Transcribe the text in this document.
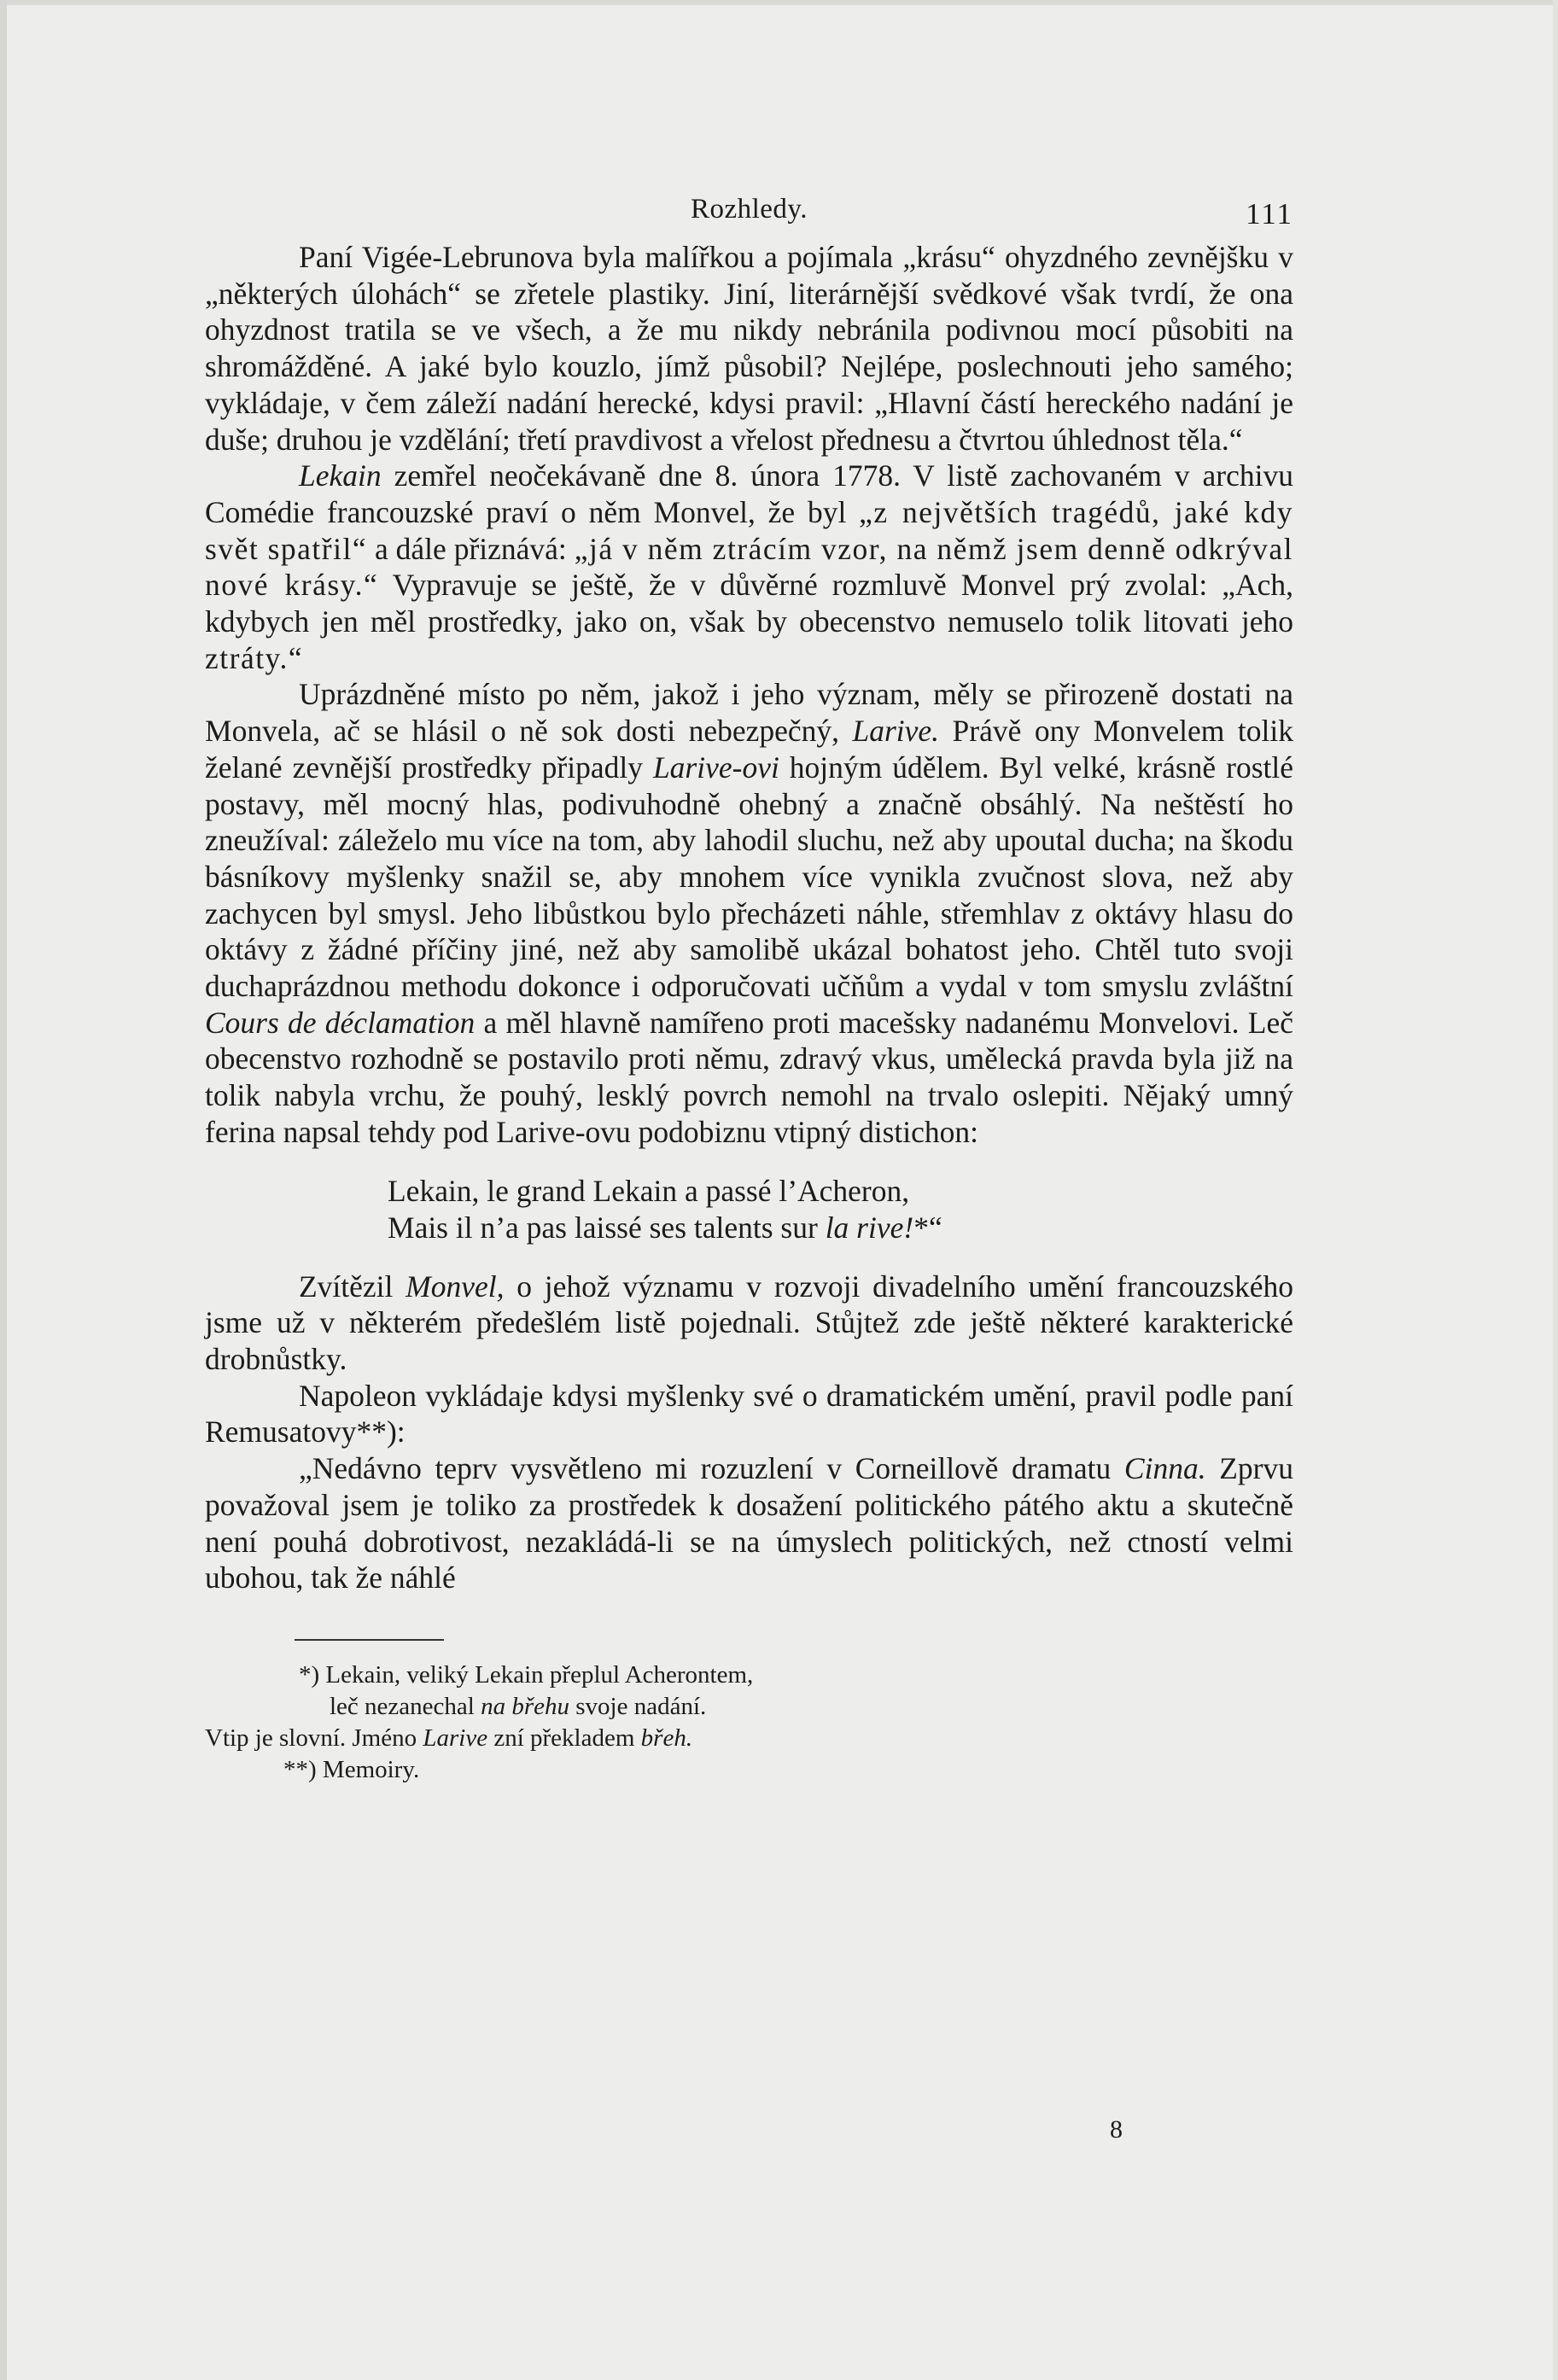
Rozhledy.	111

Paní Vigée-Lebrunova byla malířkou a pojímala „krásu“ ohyzdného zevnějšku v „některých úlohách“ se zřetele plastiky. Jiní, literárnější svědkové však tvrdí, že ona ohyzdnost tratila se ve všech, a že mu nikdy nebránila podivnou mocí působiti na shromážděné. A jaké bylo kouzlo, jímž působil? Nejlépe, poslechnouti jeho samého; vykládaje, v čem záleží nadání herecké, kdysi pravil: „Hlavní částí hereckého nadání je duše; druhou je vzdělání; třetí pravdivost a vřelost přednesu a čtvrtou úhlednost těla.“

Lekain zemřel neočekávaně dne 8. února 1778. V listě zachovaném v archivu Comédie francouzské praví o něm Monvel, že byl „z největších tragédů, jaké kdy svět spatřil“ a dále přiznává: „já v něm ztrácím vzor, na němž jsem denně odkrýval nové krásy.“ Vypravuje se ještě, že v důvěrné rozmluvě Monvel prý zvolal: „Ach, kdybych jen měl prostředky, jako on, však by obecenstvo nemuselo tolik litovati jeho ztráty.“

Uprázdněné místo po něm, jakož i jeho význam, měly se přirozeně dostati na Monvela, ač se hlásil o ně sok dosti nebezpečný, Larive. Právě ony Monvelem tolik želané zevnější prostředky připadly Larive-ovi hojným údělem. Byl velké, krásně rostlé postavy, měl mocný hlas, podivuhodně ohebný a značně obsáhlý. Na neštěstí ho zneužíval: záleželo mu více na tom, aby lahodil sluchu, než aby upoutal ducha; na škodu básníkovy myšlenky snažil se, aby mnohem více vynikla zvučnost slova, než aby zachycen byl smysl. Jeho libůstkou bylo přecházeti náhle, střemhlav z oktávy hlasu do oktávy z žádné příčiny jiné, než aby samolibě ukázal bohatost jeho. Chtěl tuto svoji duchaprázdnou methodu dokonce i odporučovati učňům a vydal v tom smyslu zvláštní Cours de déclamation a měl hlavně namířeno proti macešsky nadanému Monvelovi. Leč obecenstvo rozhodně se postavilo proti němu, zdravý vkus, umělecká pravda byla již na tolik nabyla vrchu, že pouhý, lesklý povrch nemohl na trvalo oslepiti. Nějaký umný ferina napsal tehdy pod Larive-ovu podobiznu vtipný distichon:

Lekain, le grand Lekain a passé l’Acheron,
Mais il n’a pas laissé ses talents sur la rive!*“

Zvítězil Monvel, o jehož významu v rozvoji divadelního umění francouzského jsme už v některém předešlém listě pojednali. Stůjtež zde ještě některé karakterické drobnůstky.

Napoleon vykládaje kdysi myšlenky své o dramatickém umění, pravil podle paní Remusatovy**):

„Nedávno teprv vysvětleno mi rozuzlení v Corneillově dramatu Cinna. Zprvu považoval jsem je toliko za prostředek k dosažení politického pátého aktu a skutečně není pouhá dobrotivost, nezakládá-li se na úmyslech politických, než ctností velmi ubohou, tak že náhlé

*) Lekain, veliký Lekain přeplul Acherontem,
leč nezanechal na břehu svoje nadání.
Vtip je slovní. Jméno Larive zní překladem břeh.
**) Memoiry.
8
